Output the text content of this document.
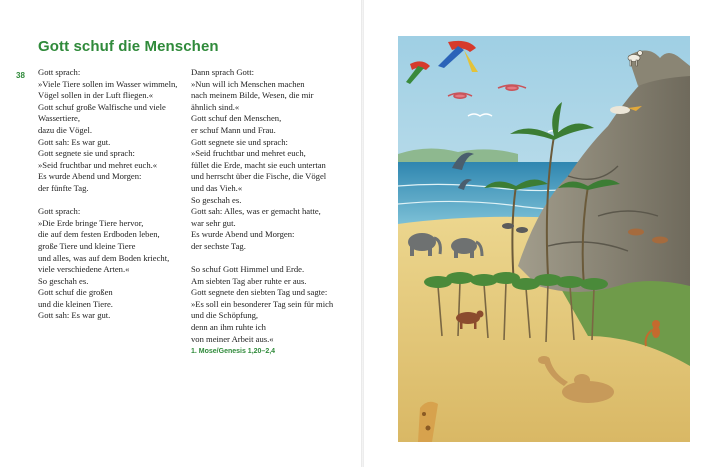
Gott schuf die Menschen
38 Gott sprach:
»Viele Tiere sollen im Wasser wimmeln,
Vögel sollen in der Luft fliegen.«
Gott schuf große Walfische und viele
Wassertiere,
dazu die Vögel.
Gott sah: Es war gut.
Gott segnete sie und sprach:
»Seid fruchtbar und mehret euch.«
Es wurde Abend und Morgen:
der fünfte Tag.
Gott sprach:
»Die Erde bringe Tiere hervor,
die auf dem festen Erdboden leben,
große Tiere und kleine Tiere
und alles, was auf dem Boden kriecht,
viele verschiedene Arten.«
So geschah es.
Gott schuf die großen
und die kleinen Tiere.
Gott sah: Es war gut.
Dann sprach Gott:
»Nun will ich Menschen machen
nach meinem Bilde, Wesen, die mir
ähnlich sind.«
Gott schuf den Menschen,
er schuf Mann und Frau.
Gott segnete sie und sprach:
»Seid fruchtbar und mehret euch,
füllet die Erde, macht sie euch untertan
und herrscht über die Fische, die Vögel
und das Vieh.«
So geschah es.
Gott sah: Alles, was er gemacht hatte,
war sehr gut.
Es wurde Abend und Morgen:
der sechste Tag.
So schuf Gott Himmel und Erde.
Am siebten Tag aber ruhte er aus.
Gott segnete den siebten Tag und sagte:
»Es soll ein besonderer Tag sein für mich
und die Schöpfung,
denn an ihm ruhte ich
von meiner Arbeit aus.«
1. Mose/Genesis 1,20–2,4
